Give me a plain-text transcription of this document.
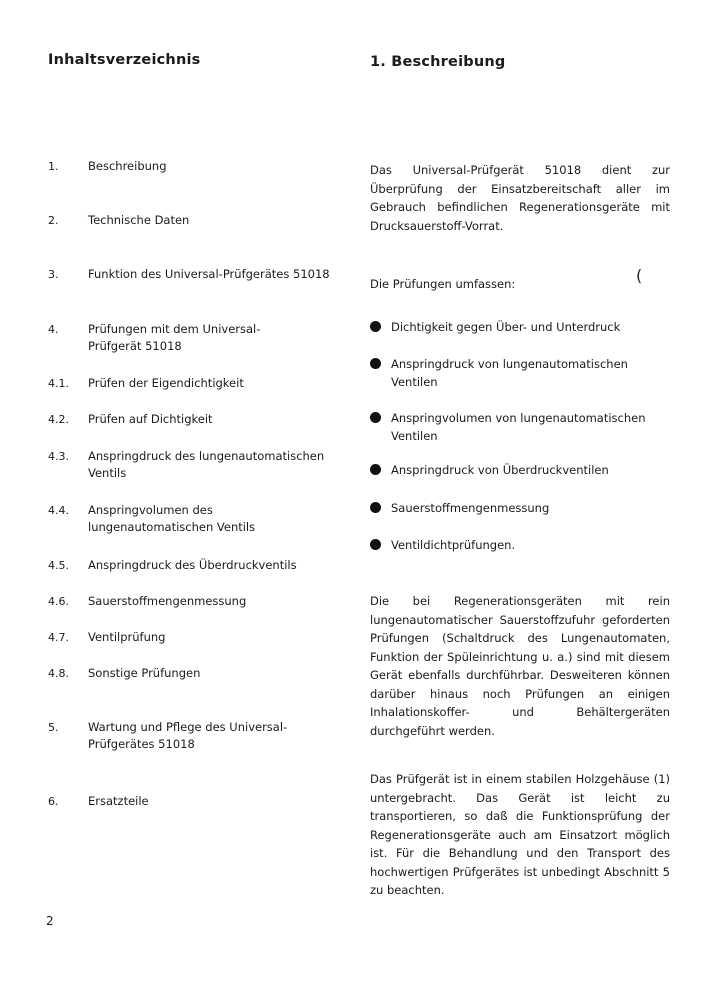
Inhaltsverzeichnis
1.	Beschreibung
2.	Technische Daten
3.	Funktion des Universal-Prüfgerätes 51018
4.	Prüfungen mit dem Universal- Prüfgerät 51018
4.1.	Prüfen der Eigendichtigkeit
4.2.	Prüfen auf Dichtigkeit
4.3.	Anspringdruck des lungenautomatischen Ventils
4.4.	Anspringvolumen des lungenautomatischen Ventils
4.5.	Anspringdruck des Überdruckventils
4.6.	Sauerstoffmengenmessung
4.7.	Ventilprüfung
4.8.	Sonstige Prüfungen
5.	Wartung und Pflege des Universal-Prüfgerätes 51018
6.	Ersatzteile
1. Beschreibung
Das Universal-Prüfgerät 51018 dient zur Überprüfung der Einsatzbereitschaft aller im Gebrauch befindlichen Regenerationsgeräte mit Drucksauerstoff-Vorrat.
Die Prüfungen umfassen:
Dichtigkeit gegen Über- und Unterdruck
Anspringdruck von lungenautomatischen Ventilen
Anspringvolumen von lungenautomatischen Ventilen
Anspringdruck von Überdruckventilen
Sauerstoffmengenmessung
Ventildichtprüfungen.
Die bei Regenerationsgeräten mit rein lungenautomatischer Sauerstoffzufuhr geforderten Prüfungen (Schaltdruck des Lungenautomaten, Funktion der Spüleinrichtung u. a.) sind mit diesem Gerät ebenfalls durchführbar. Desweiteren können darüber hinaus noch Prüfungen an einigen Inhalationskoffer- und Behältergeräten durchgeführt werden.
Das Prüfgerät ist in einem stabilen Holzgehäuse (1) untergebracht. Das Gerät ist leicht zu transportieren, so daß die Funktionsprüfung der Regenerationsgeräte auch am Einsatzort möglich ist. Für die Behandlung und den Transport des hochwertigen Prüfgerätes ist unbedingt Abschnitt 5 zu beachten.
(
2
